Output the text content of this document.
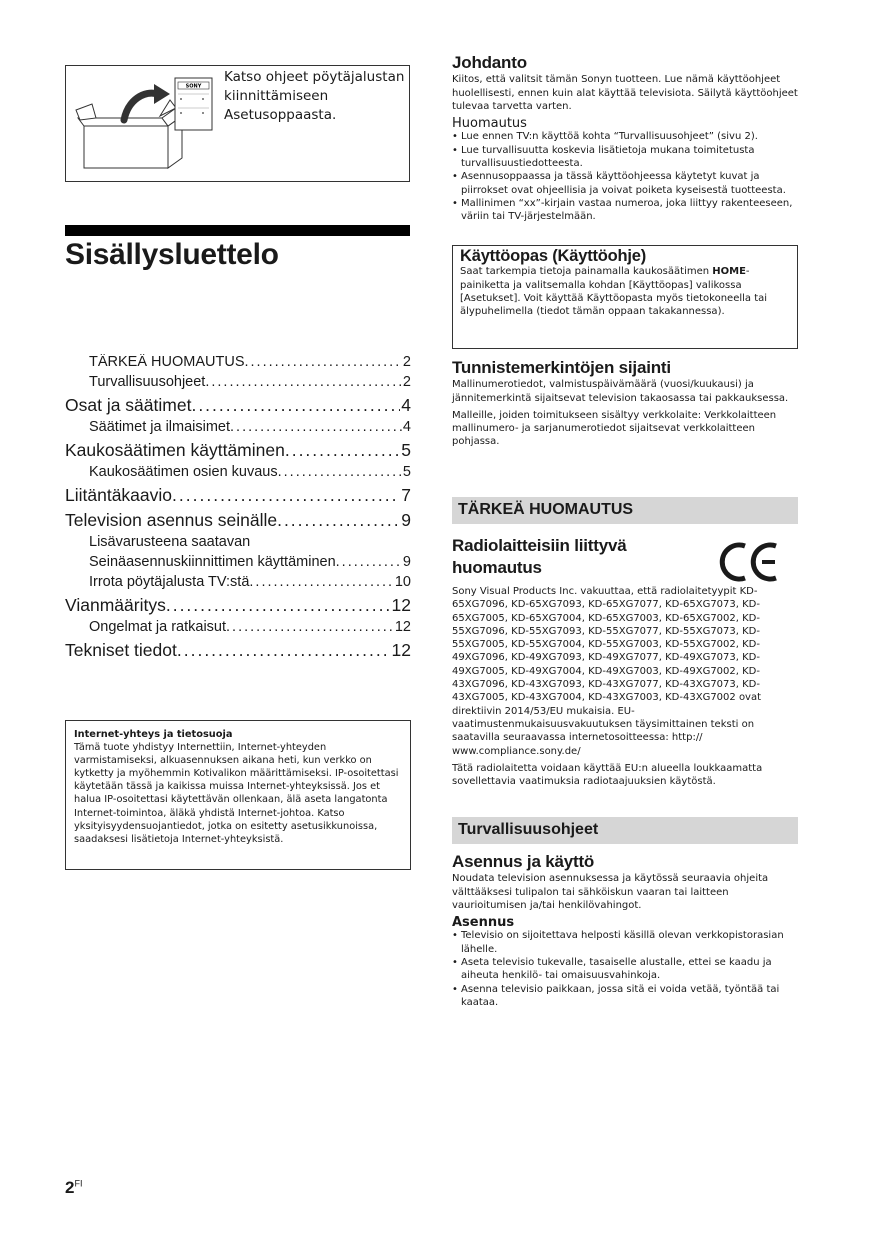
SONY
Katso ohjeet pöytäjalustan kiinnittämiseen Asetusoppaasta.
Sisällysluettelo
TÄRKEÄ HUOMAUTUS .....	2
Turvallisuusohjeet .....	2
Osat ja säätimet .....	4
Säätimet ja ilmaisimet .....	4
Kaukosäätimen käyttäminen .....	5
Kaukosäätimen osien kuvaus .....	5
Liitäntäkaavio .....	7
Television asennus seinälle .....	9
Lisävarusteena saatavan
Seinäasennuskiinnittimen käyttäminen .....	9
Irrota pöytäjalusta TV:stä .....	10
Vianmääritys .....	12
Ongelmat ja ratkaisut .....	12
Tekniset tiedot .....	12
Internet-yhteys ja tietosuoja
Tämä tuote yhdistyy Internettiin, Internet-yhteyden varmistamiseksi, alkuasennuksen aikana heti, kun verkko on kytketty ja myöhemmin Kotivalikon määrittämiseksi. IP-osoitettasi käytetään tässä ja kaikissa muissa Internet-yhteyksissä. Jos et halua IP-osoitettasi käytettävän ollenkaan, älä aseta langatonta Internet-toimintoa, äläkä yhdistä Internet-johtoa. Katso yksityisyydensuojantiedot, jotka on esitetty asetusikkunoissa, saadaksesi lisätietoja Internet-yhteyksistä.
Johdanto
Kiitos, että valitsit tämän Sonyn tuotteen. Lue nämä käyttöohjeet huolellisesti, ennen kuin alat käyttää televisiota. Säilytä käyttöohjeet tulevaa tarvetta varten.
Huomautus
• Lue ennen TV:n käyttöä kohta “Turvallisuusohjeet” (sivu 2).
• Lue turvallisuutta koskevia lisätietoja mukana toimitetusta turvallisuustiedotteesta.
• Asennusoppaassa ja tässä käyttöohjeessa käytetyt kuvat ja piirrokset ovat ohjeellisia ja voivat poiketa kyseisestä tuotteesta.
• Mallinimen “xx”-kirjain vastaa numeroa, joka liittyy rakenteeseen, väriin tai TV-järjestelmään.
Käyttöopas (Käyttöohje)
Saat tarkempia tietoja painamalla kaukosäätimen HOME-painiketta ja valitsemalla kohdan [Käyttöopas] valikossa [Asetukset]. Voit käyttää Käyttöopasta myös tietokoneella tai älypuhelimella (tiedot tämän oppaan takakannessa).
Tunnistemerkintöjen sijainti
Mallinumerotiedot, valmistuspäivämäärä (vuosi/kuukausi) ja jännitemerkintä sijaitsevat television takaosassa tai pakkauksessa.
Malleille, joiden toimitukseen sisältyy verkkolaite: Verkkolaitteen mallinumero- ja sarjanumerotiedot sijaitsevat verkkolaitteen pohjassa.
TÄRKEÄ HUOMAUTUS
Radiolaitteisiin liittyvä huomautus
CE
Sony Visual Products Inc. vakuuttaa, että radiolaitetyypit KD-65XG7096, KD-65XG7093, KD-65XG7077, KD-65XG7073, KD-65XG7005, KD-65XG7004, KD-65XG7003, KD-65XG7002, KD-55XG7096, KD-55XG7093, KD-55XG7077, KD-55XG7073, KD-55XG7005, KD-55XG7004, KD-55XG7003, KD-55XG7002, KD-49XG7096, KD-49XG7093, KD-49XG7077, KD-49XG7073, KD-49XG7005, KD-49XG7004, KD-49XG7003, KD-49XG7002, KD-43XG7096, KD-43XG7093, KD-43XG7077, KD-43XG7073, KD-43XG7005, KD-43XG7004, KD-43XG7003, KD-43XG7002 ovat direktiivin 2014/53/EU mukaisia. EU-vaatimustenmukaisuusvakuutuksen täysimittainen teksti on saatavilla seuraavassa internetosoitteessa: http:// www.compliance.sony.de/
Tätä radiolaitetta voidaan käyttää EU:n alueella loukkaamatta sovellettavia vaatimuksia radiotaajuuksien käytöstä.
Turvallisuusohjeet
Asennus ja käyttö
Noudata television asennuksessa ja käytössä seuraavia ohjeita välttääksesi tulipalon tai sähköiskun vaaran tai laitteen vaurioitumisen ja/tai henkilövahingot.
Asennus
• Televisio on sijoitettava helposti käsillä olevan verkkopistorasian lähelle.
• Aseta televisio tukevalle, tasaiselle alustalle, ettei se kaadu ja aiheuta henkilö- tai omaisuusvahinkoja.
• Asenna televisio paikkaan, jossa sitä ei voida vetää, työntää tai kaataa.
$2^{FI}$
